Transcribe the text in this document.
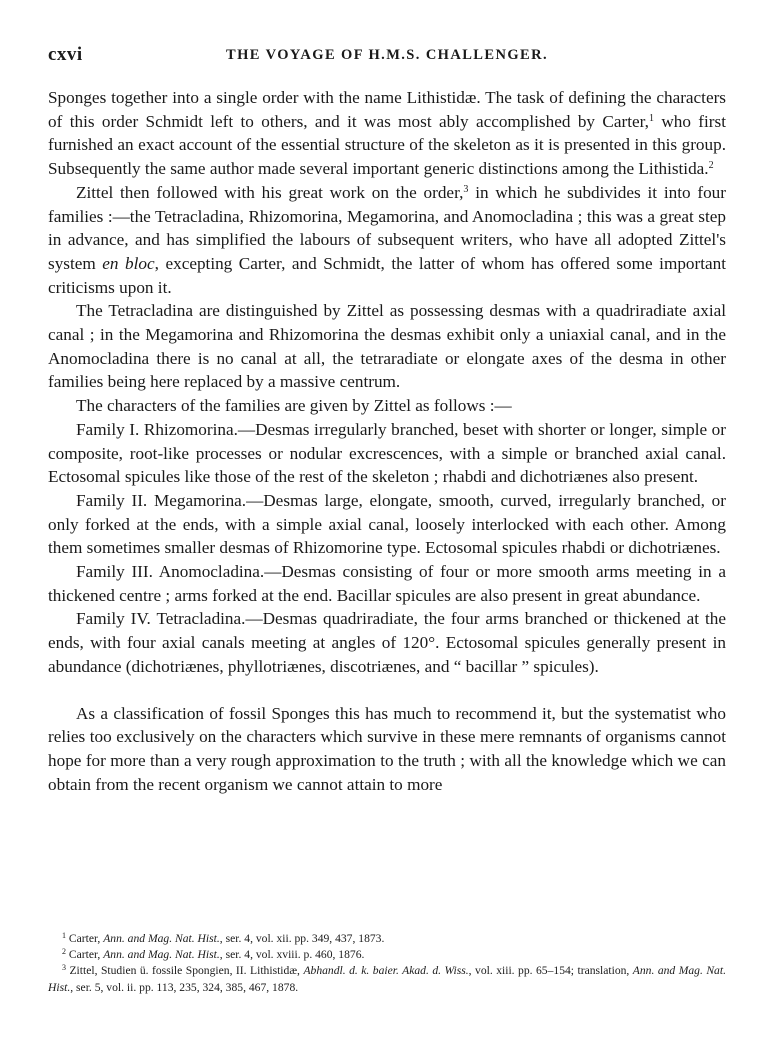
cxvi	THE VOYAGE OF H.M.S. CHALLENGER.

Sponges together into a single order with the name Lithistidæ. The task of defining the characters of this order Schmidt left to others, and it was most ably accomplished by Carter,$^1$ who first furnished an exact account of the essential structure of the skeleton as it is presented in this group. Subsequently the same author made several important generic distinctions among the Lithistida.$^2$

Zittel then followed with his great work on the order,$^3$ in which he subdivides it into four families :—the Tetracladina, Rhizomorina, Megamorina, and Anomocladina ; this was a great step in advance, and has simplified the labours of subsequent writers, who have all adopted Zittel's system en bloc, excepting Carter, and Schmidt, the latter of whom has offered some important criticisms upon it.

The Tetracladina are distinguished by Zittel as possessing desmas with a quadriradiate axial canal ; in the Megamorina and Rhizomorina the desmas exhibit only a uniaxial canal, and in the Anomocladina there is no canal at all, the tetraradiate or elongate axes of the desma in other families being here replaced by a massive centrum.

The characters of the families are given by Zittel as follows :—

Family I. Rhizomorina.—Desmas irregularly branched, beset with shorter or longer, simple or composite, root-like processes or nodular excrescences, with a simple or branched axial canal. Ectosomal spicules like those of the rest of the skeleton ; rhabdi and dichotriænes also present.

Family II. Megamorina.—Desmas large, elongate, smooth, curved, irregularly branched, or only forked at the ends, with a simple axial canal, loosely interlocked with each other. Among them sometimes smaller desmas of Rhizomorine type. Ectosomal spicules rhabdi or dichotriænes.

Family III. Anomocladina.—Desmas consisting of four or more smooth arms meeting in a thickened centre ; arms forked at the end. Bacillar spicules are also present in great abundance.

Family IV. Tetracladina.—Desmas quadriradiate, the four arms branched or thickened at the ends, with four axial canals meeting at angles of 120°. Ectosomal spicules generally present in abundance (dichotriænes, phyllotriænes, discotriænes, and “ bacillar ” spicules).

As a classification of fossil Sponges this has much to recommend it, but the systematist who relies too exclusively on the characters which survive in these mere remnants of organisms cannot hope for more than a very rough approximation to the truth ; with all the knowledge which we can obtain from the recent organism we cannot attain to more

$^1$ Carter, Ann. and Mag. Nat. Hist., ser. 4, vol. xii. pp. 349, 437, 1873.

$^2$ Carter, Ann. and Mag. Nat. Hist., ser. 4, vol. xviii. p. 460, 1876.

$^3$ Zittel, Studien ü. fossile Spongien, II. Lithistidæ, Abhandl. d. k. baier. Akad. d. Wiss., vol. xiii. pp. 65–154; translation, Ann. and Mag. Nat. Hist., ser. 5, vol. ii. pp. 113, 235, 324, 385, 467, 1878.
